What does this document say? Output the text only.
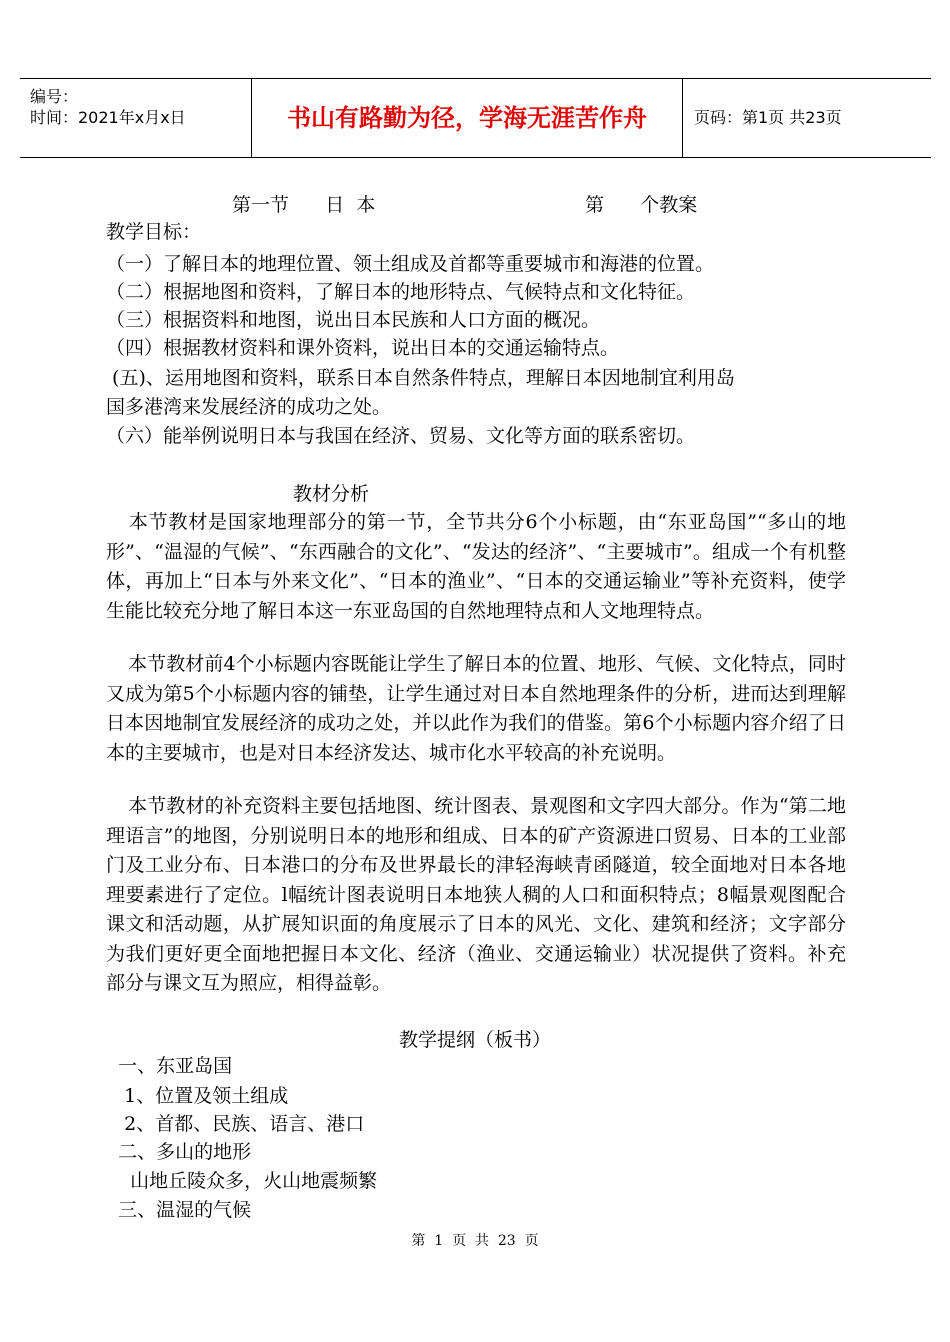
编号：
时间：2021年x月x日	书山有路勤为径，学海无涯苦作舟	页码：第1页 共23页
第一节      日  本	第      个教案
教学目标：
（一）了解日本的地理位置、领土组成及首都等重要城市和海港的位置。
（二）根据地图和资料，了解日本的地形特点、气候特点和文化特征。
（三）根据资料和地图，说出日本民族和人口方面的概况。
（四）根据教材资料和课外资料，说出日本的交通运输特点。
(五)、运用地图和资料，联系日本自然条件特点，理解日本因地制宜利用岛
国多港湾来发展经济的成功之处。
（六）能举例说明日本与我国在经济、贸易、文化等方面的联系密切。
教材分析
本节教材是国家地理部分的第一节，全节共分6个小标题，由“东亚岛国”“多山的地形”、“温湿的气候”、“东西融合的文化”、“发达的经济”、“主要城市”。组成一个有机整体，再加上“日本与外来文化”、“日本的渔业”、“日本的交通运输业”等补充资料，使学生能比较充分地了解日本这一东亚岛国的自然地理特点和人文地理特点。
本节教材前4个小标题内容既能让学生了解日本的位置、地形、气候、文化特点，同时又成为第5个小标题内容的铺垫，让学生通过对日本自然地理条件的分析，进而达到理解日本因地制宜发展经济的成功之处，并以此作为我们的借鉴。第6个小标题内容介绍了日本的主要城市，也是对日本经济发达、城市化水平较高的补充说明。
本节教材的补充资料主要包括地图、统计图表、景观图和文字四大部分。作为“第二地理语言”的地图，分别说明日本的地形和组成、日本的矿产资源进口贸易、日本的工业部门及工业分布、日本港口的分布及世界最长的津轻海峡青函隧道，较全面地对日本各地理要素进行了定位。l幅统计图表说明日本地狭人稠的人口和面积特点；8幅景观图配合课文和活动题，从扩展知识面的角度展示了日本的风光、文化、建筑和经济；文字部分为我们更好更全面地把握日本文化、经济（渔业、交通运输业）状况提供了资料。补充部分与课文互为照应，相得益彰。
教学提纲（板书）
一、东亚岛国
1、位置及领土组成
2、首都、民族、语言、港口
二、多山的地形
山地丘陵众多，火山地震频繁
三、温湿的气候
第  1  页  共  23  页
